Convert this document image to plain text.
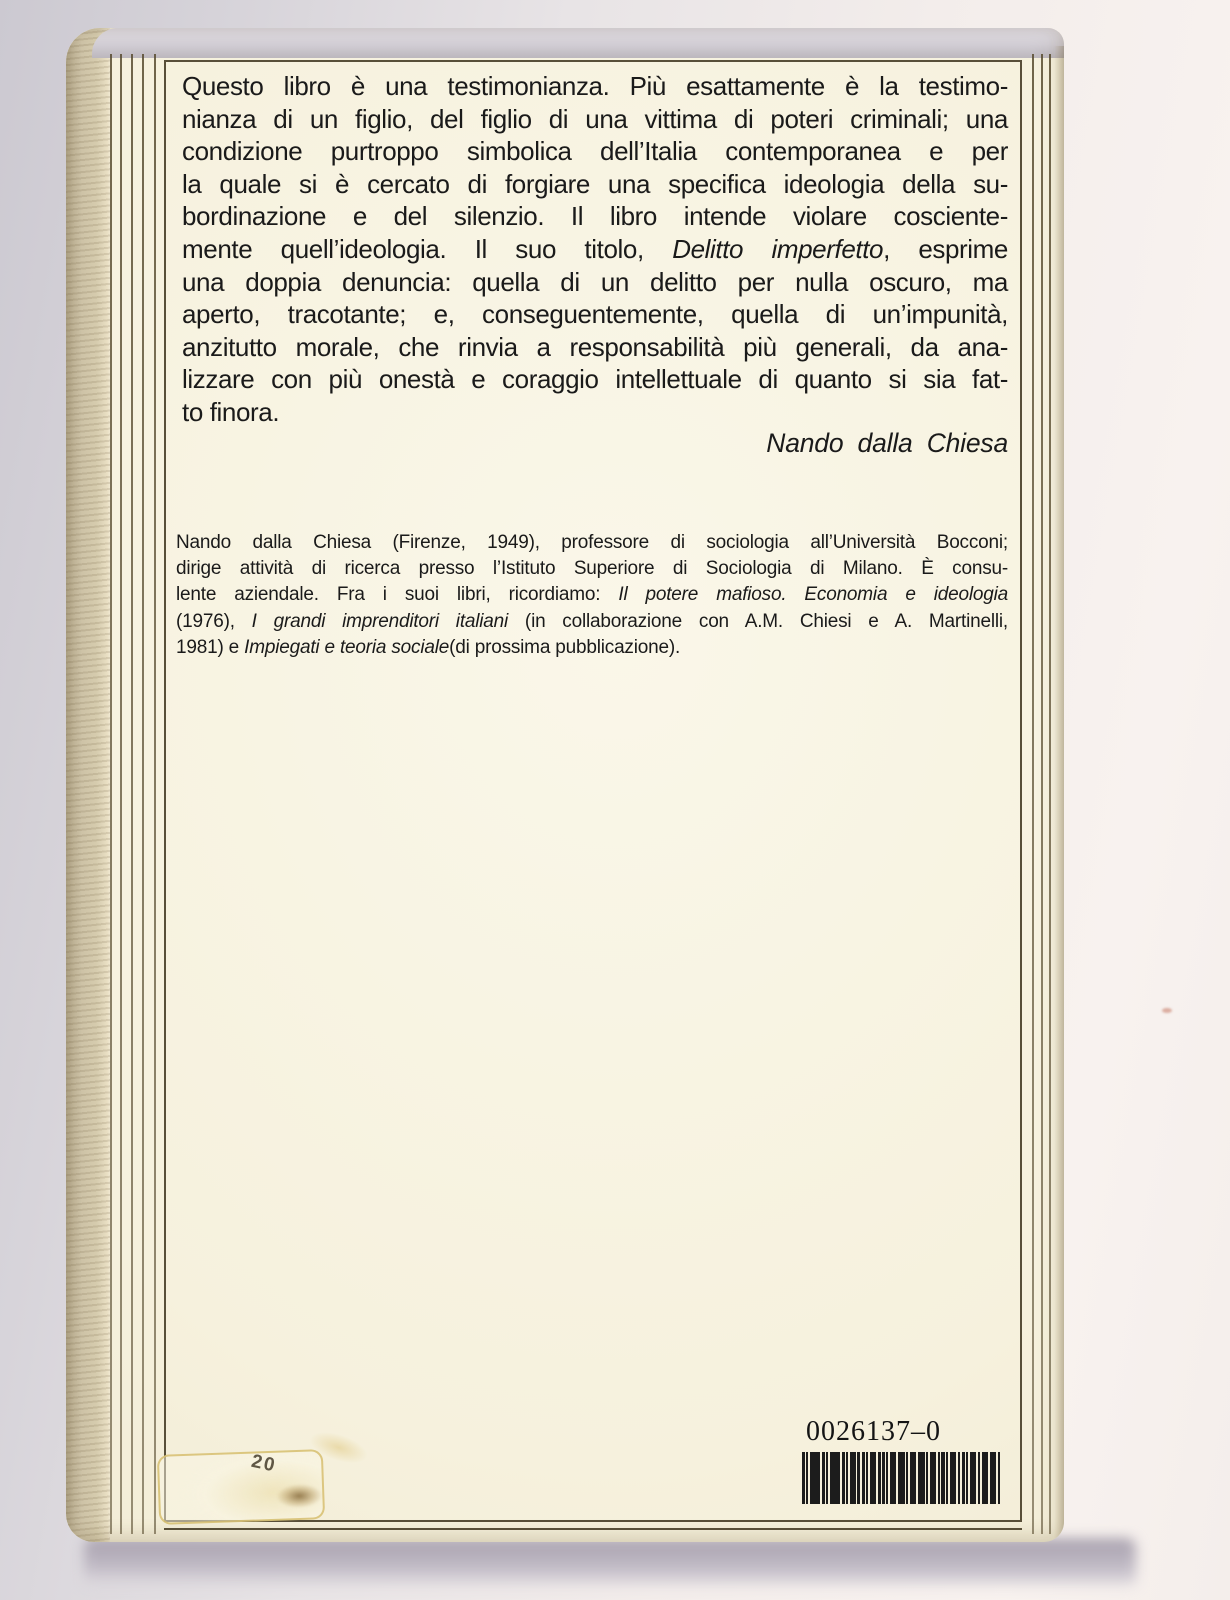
Questo libro è una testimonianza. Più esattamente è la testimo-
nianza di un figlio, del figlio di una vittima di poteri criminali; una
condizione purtroppo simbolica dell’Italia contemporanea e per
la quale si è cercato di forgiare una specifica ideologia della su-
bordinazione e del silenzio. Il libro intende violare cosciente-
mente quell’ideologia. Il suo titolo, Delitto imperfetto, esprime
una doppia denuncia: quella di un delitto per nulla oscuro, ma
aperto, tracotante; e, conseguentemente, quella di un’impunità,
anzitutto morale, che rinvia a responsabilità più generali, da ana-
lizzare con più onestà e coraggio intellettuale di quanto si sia fat-
to finora.
Nando dalla Chiesa
Nando dalla Chiesa (Firenze, 1949), professore di sociologia all’Università Bocconi;
dirige attività di ricerca presso l’Istituto Superiore di Sociologia di Milano. È consu-
lente aziendale. Fra i suoi libri, ricordiamo: Il potere mafioso. Economia e ideologia
(1976), I grandi imprenditori italiani (in collaborazione con A.M. Chiesi e A. Martinelli,
1981) e Impiegati e teoria sociale(di prossima pubblicazione).
0026137–0
20
